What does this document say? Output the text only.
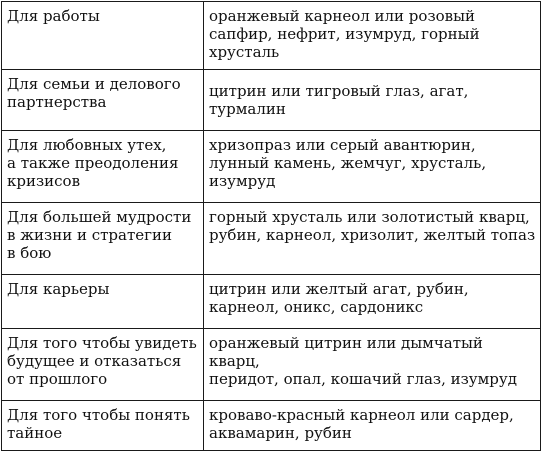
Для работы	оранжевый карнеол или розовый
сапфир, нефрит, изумруд, горный
хрусталь
Для семьи и делового
партнерства	цитрин или тигровый глаз, агат,
турмалин
Для любовных утех,
а также преодоления
кризисов	хризопраз или серый авантюрин,
лунный камень, жемчуг, хрусталь,
изумруд
Для большей мудрости
в жизни и стратегии
в бою	горный хрусталь или золотистый кварц,
рубин, карнеол, хризолит, желтый топаз
Для карьеры	цитрин или желтый агат, рубин,
карнеол, оникс, сардоникс
Для того чтобы увидеть
будущее и отказаться
от прошлого	оранжевый цитрин или дымчатый кварц,
перидот, опал, кошачий глаз, изумруд
Для того чтобы понять
тайное	кроваво-красный карнеол или сардер,
аквамарин, рубин
